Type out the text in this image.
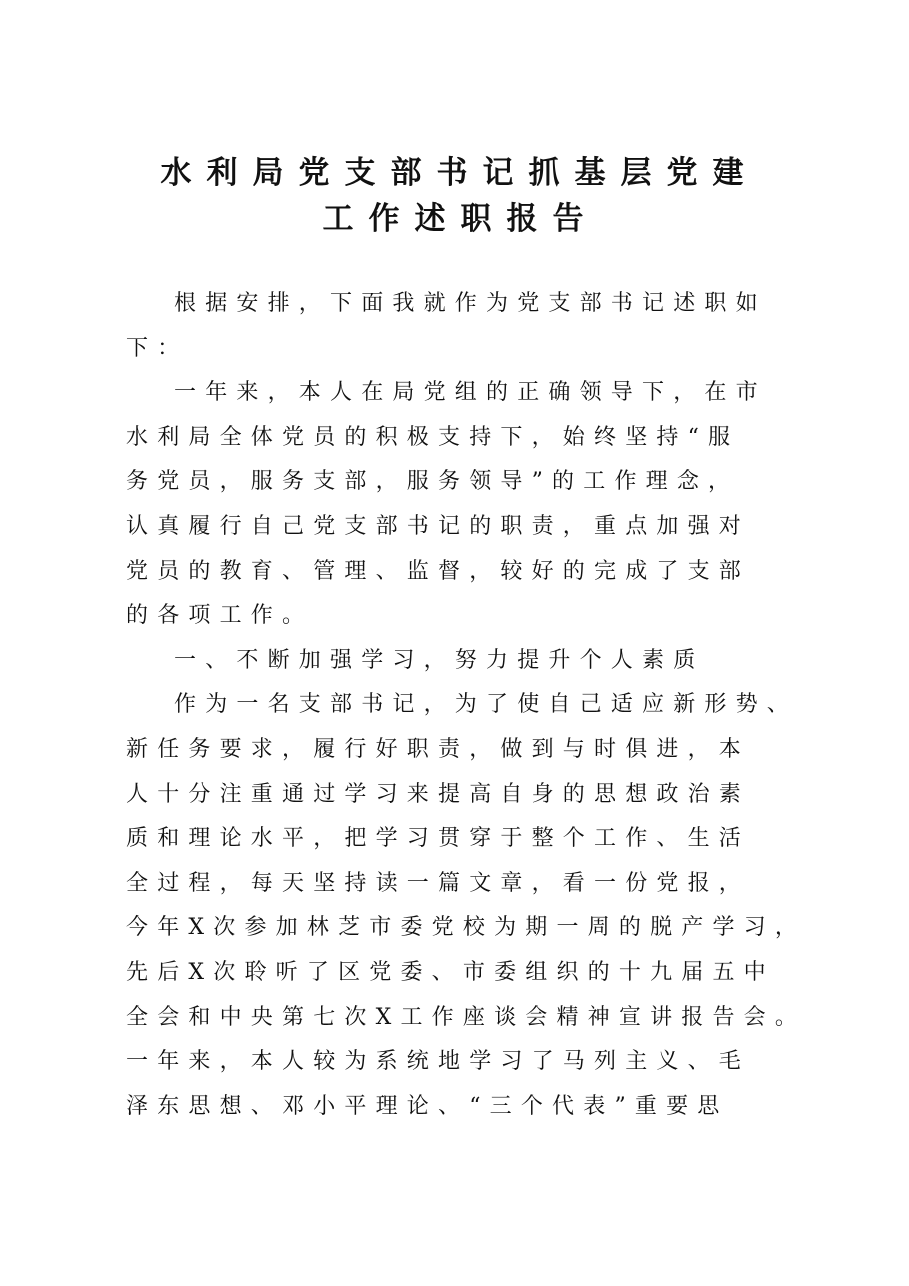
水利局党支部书记抓基层党建

工作述职报告

根据安排，下面我就作为党支部书记述职如

下：

一年来，本人在局党组的正确领导下，在市

水利局全体党员的积极支持下，始终坚持“服

务党员，服务支部，服务领导”的工作理念，

认真履行自己党支部书记的职责，重点加强对

党员的教育、管理、监督，较好的完成了支部

的各项工作。

一、不断加强学习，努力提升个人素质

作为一名支部书记，为了使自己适应新形势、

新任务要求，履行好职责，做到与时俱进，本

人十分注重通过学习来提高自身的思想政治素

质和理论水平，把学习贯穿于整个工作、生活

全过程，每天坚持读一篇文章，看一份党报，

今年X次参加林芝市委党校为期一周的脱产学习，

先后X次聆听了区党委、市委组织的十九届五中

全会和中央第七次X工作座谈会精神宣讲报告会。

一年来，本人较为系统地学习了马列主义、毛

泽东思想、邓小平理论、“三个代表”重要思
